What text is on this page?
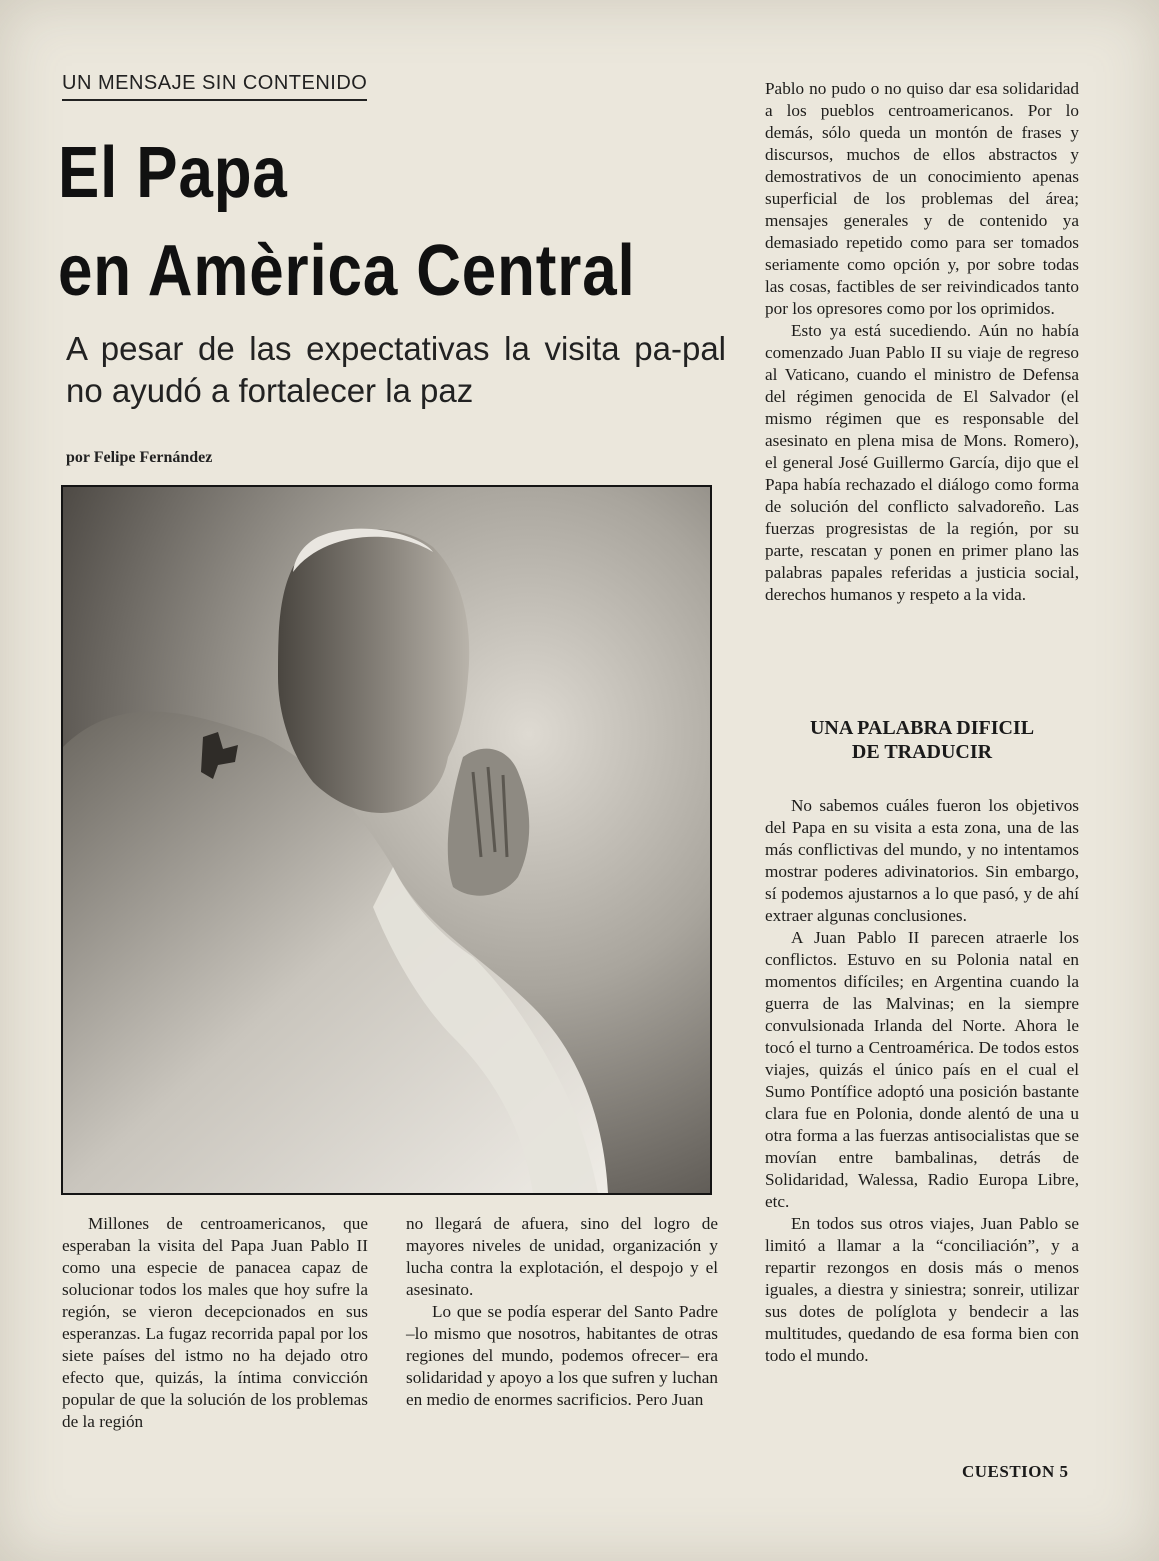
UN MENSAJE SIN CONTENIDO
El Papa
en Amèrica Central
A pesar de las expectativas la visita pa-pal no ayudó a fortalecer la paz
por Felipe Fernández

Millones de centroamericanos, que esperaban la visita del Papa Juan Pablo II como una especie de panacea capaz de solucionar todos los males que hoy sufre la región, se vieron decepcionados en sus esperanzas. La fugaz recorrida papal por los siete países del istmo no ha dejado otro efecto que, quizás, la íntima convicción popular de que la solución de los problemas de la región

no llegará de afuera, sino del logro de mayores niveles de unidad, organización y lucha contra la explotación, el despojo y el asesinato.

Lo que se podía esperar del Santo Padre –lo mismo que nosotros, habitantes de otras regiones del mundo, podemos ofrecer– era solidaridad y apoyo a los que sufren y luchan en medio de enormes sacrificios. Pero Juan

Pablo no pudo o no quiso dar esa solidaridad a los pueblos centroamericanos. Por lo demás, sólo queda un montón de frases y discursos, muchos de ellos abstractos y demostrativos de un conocimiento apenas superficial de los problemas del área; mensajes generales y de contenido ya demasiado repetido como para ser tomados seriamente como opción y, por sobre todas las cosas, factibles de ser reivindicados tanto por los opresores como por los oprimidos.

Esto ya está sucediendo. Aún no había comenzado Juan Pablo II su viaje de regreso al Vaticano, cuando el ministro de Defensa del régimen genocida de El Salvador (el mismo régimen que es responsable del asesinato en plena misa de Mons. Romero), el general José Guillermo García, dijo que el Papa había rechazado el diálogo como forma de solución del conflicto salvadoreño. Las fuerzas progresistas de la región, por su parte, rescatan y ponen en primer plano las palabras papales referidas a justicia social, derechos humanos y respeto a la vida.

UNA PALABRA DIFICIL
DE TRADUCIR

No sabemos cuáles fueron los objetivos del Papa en su visita a esta zona, una de las más conflictivas del mundo, y no intentamos mostrar poderes adivinatorios. Sin embargo, sí podemos ajustarnos a lo que pasó, y de ahí extraer algunas conclusiones.

A Juan Pablo II parecen atraerle los conflictos. Estuvo en su Polonia natal en momentos difíciles; en Argentina cuando la guerra de las Malvinas; en la siempre convulsionada Irlanda del Norte. Ahora le tocó el turno a Centroamérica. De todos estos viajes, quizás el único país en el cual el Sumo Pontífice adoptó una posición bastante clara fue en Polonia, donde alentó de una u otra forma a las fuerzas antisocialistas que se movían entre bambalinas, detrás de Solidaridad, Walessa, Radio Europa Libre, etc.

En todos sus otros viajes, Juan Pablo se limitó a llamar a la “conciliación”, y a repartir rezongos en dosis más o menos iguales, a diestra y siniestra; sonreir, utilizar sus dotes de políglota y bendecir a las multitudes, quedando de esa forma bien con todo el mundo.

CUESTION 5
